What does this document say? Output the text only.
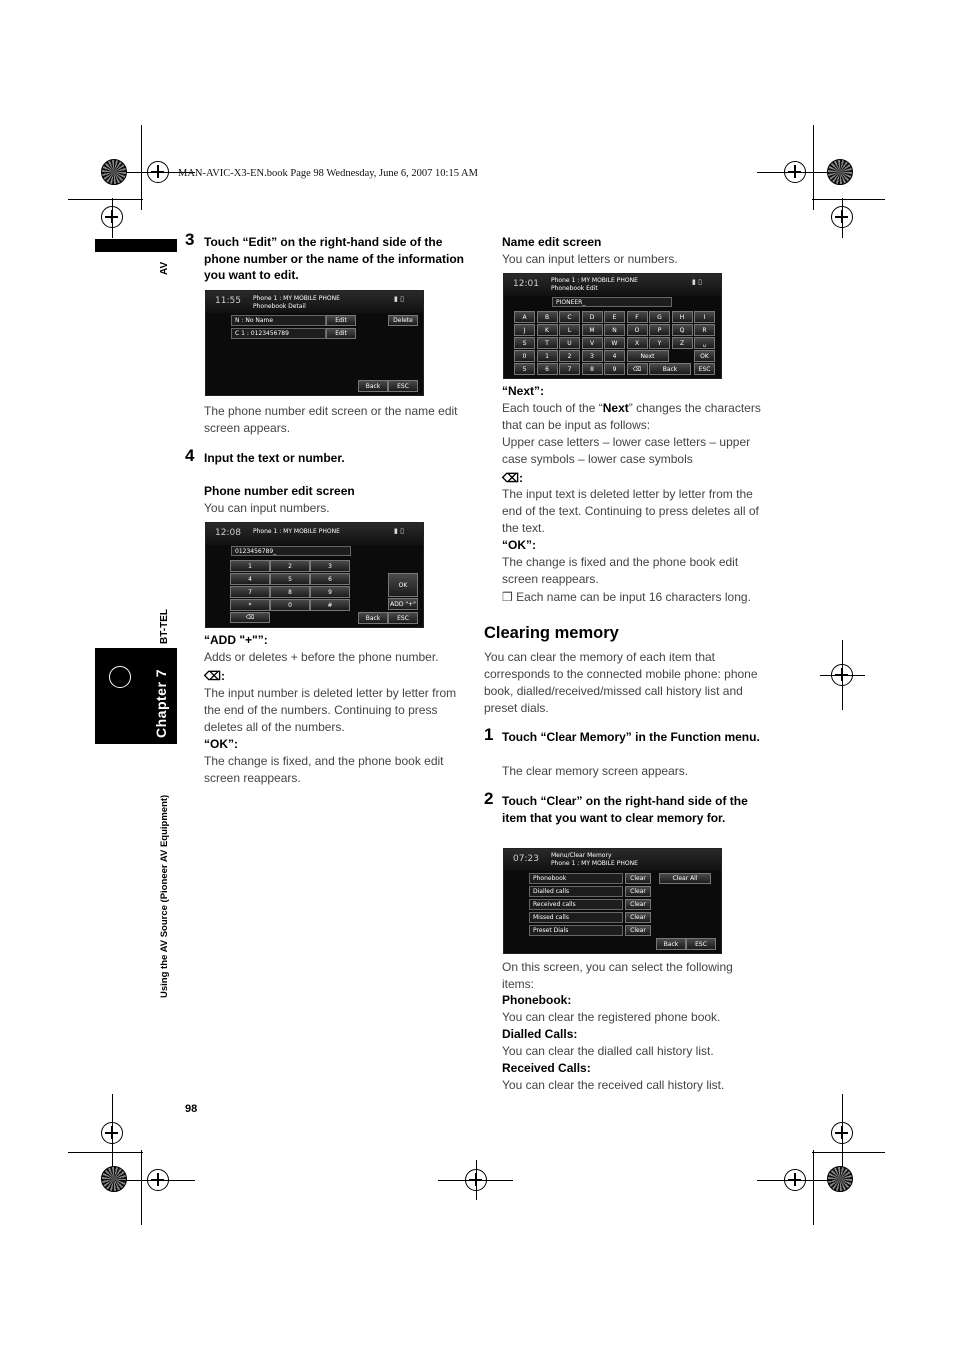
MAN-AVIC-X3-EN.book Page 98 Wednesday, June 6, 2007 10:15 AM
AV
BT-TEL
Chapter 7
Using the AV Source (Pioneer AV Equipment)
98
3 Touch “Edit” on the right-hand side of the phone number or the name of the information you want to edit.
11:55 Phone 1 : MY MOBILE PHONE
Phonebook Detail
▮ ▯
N : No Name	Edit
C 1 : 0123456789	Edit
Delete
Back	ESC
The phone number edit screen or the name edit screen appears.
4 Input the text or number.
Phone number edit screen
You can input numbers.
12:08 Phone 1 : MY MOBILE PHONE	▮ ▯
0123456789_
1	2	3
4	5	6
7	8	9
*	0	#
⌫
OK
ADD "+"
Back	ESC
“ADD "+"”:
Adds or deletes + before the phone number.
⌫:
The input number is deleted letter by letter from the end of the numbers. Continuing to press deletes all of the numbers.
“OK”:
The change is fixed, and the phone book edit screen reappears.
Name edit screen
You can input letters or numbers.
12:01 Phone 1 : MY MOBILE PHONE
Phonebook Edit
▮ ▯
PIONEER_
A	B	C	D	E	F	G	H	I
J	K	L	M	N	O	P	Q	R
S	T	U	V	W	X	Y	Z	␣
0	1	2	3	4	Next	OK
5	6	7	8	9	⌫	Back	ESC
“Next”:
Each touch of the “Next” changes the characters that can be input as follows:
Upper case letters – lower case letters – upper case symbols – lower case symbols
⌫:
The input text is deleted letter by letter from the end of the text. Continuing to press deletes all of the text.
“OK”:
The change is fixed and the phone book edit screen reappears.
❒ Each name can be input 16 characters long.
Clearing memory
You can clear the memory of each item that corresponds to the connected mobile phone: phone book, dialled/received/missed call history list and preset dials.
1 Touch “Clear Memory” in the Function menu.
The clear memory screen appears.
2 Touch “Clear” on the right-hand side of the item that you want to clear memory for.
07:23 Menu/Clear Memory
Phone 1 : MY MOBILE PHONE
Phonebook	Clear
Dialled calls	Clear
Received calls	Clear
Missed calls	Clear
Preset Dials	Clear
Clear All
Back	ESC
On this screen, you can select the following items:
Phonebook:
You can clear the registered phone book.
Dialled Calls:
You can clear the dialled call history list.
Received Calls:
You can clear the received call history list.
